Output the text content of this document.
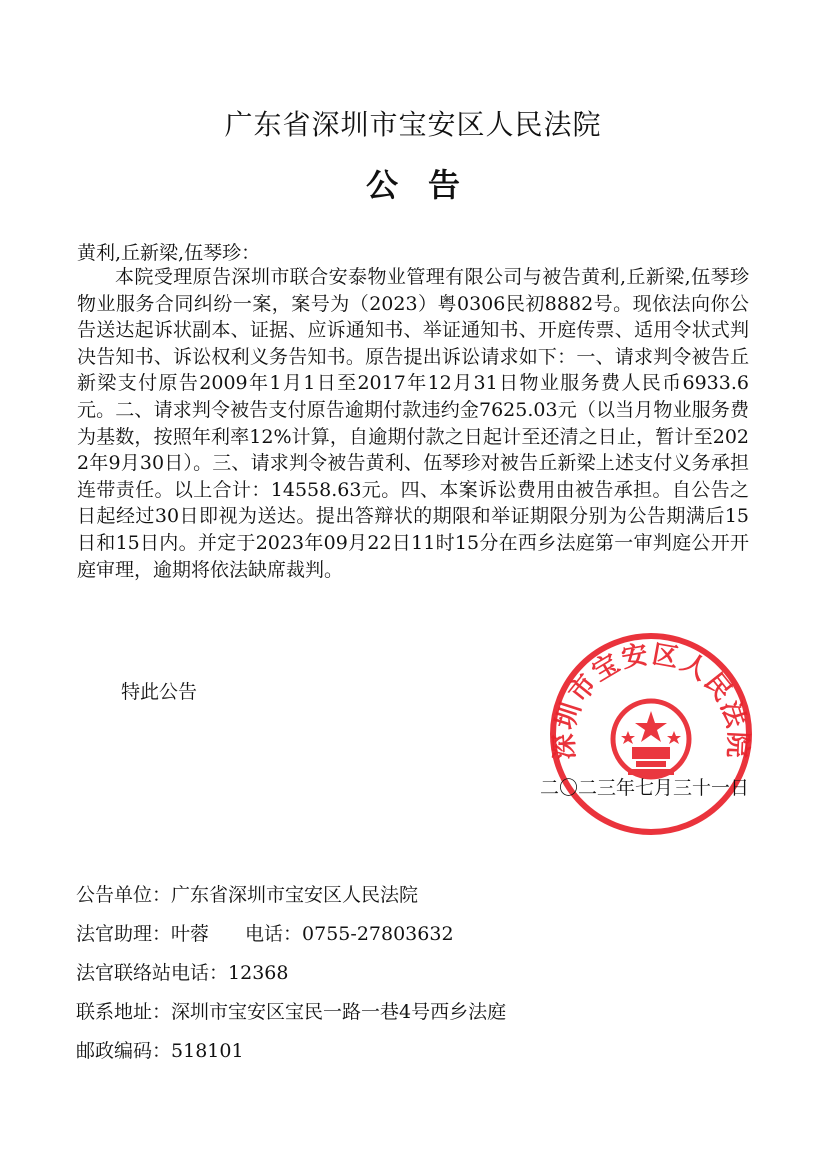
广东省深圳市宝安区人民法院
公告
黄利,丘新梁,伍琴珍：
本院受理原告深圳市联合安泰物业管理有限公司与被告黄利,丘新梁,伍琴珍物业服务合同纠纷一案，案号为（2023）粤0306民初8882号。现依法向你公告送达起诉状副本、证据、应诉通知书、举证通知书、开庭传票、适用令状式判决告知书、诉讼权利义务告知书。原告提出诉讼请求如下：一、请求判令被告丘新梁支付原告2009年1月1日至2017年12月31日物业服务费人民币6933.6元。二、请求判令被告支付原告逾期付款违约金7625.03元（以当月物业服务费为基数，按照年利率12%计算，自逾期付款之日起计至还清之日止，暂计至2022年9月30日）。三、请求判令被告黄利、伍琴珍对被告丘新梁上述支付义务承担连带责任。以上合计：14558.63元。四、本案诉讼费用由被告承担。自公告之日起经过30日即视为送达。提出答辩状的期限和举证期限分别为公告期满后15日和15日内。并定于2023年09月22日11时15分在西乡法庭第一审判庭公开开庭审理，逾期将依法缺席裁判。
特此公告
深圳市宝安区人民法院
二〇二三年七月三十一日
公告单位：广东省深圳市宝安区人民法院
法官助理：叶蓉 电话：0755-27803632
法官联络站电话：12368
联系地址：深圳市宝安区宝民一路一巷4号西乡法庭
邮政编码：518101
